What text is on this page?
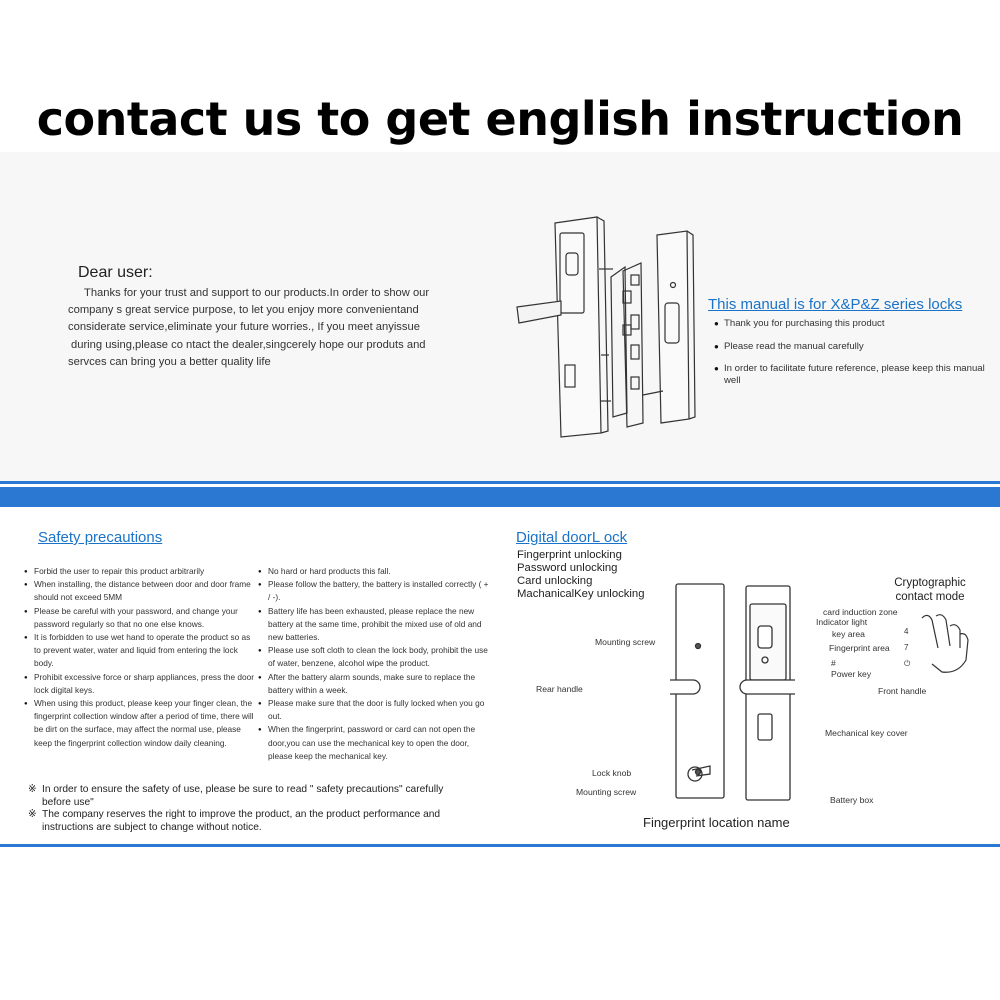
contact us to get english instruction
Dear user:
Thanks for your trust and support to our products.In order to show our
company s great service purpose, to let you enjoy more convenientand
considerate service,eliminate your future worries., If you meet anyissue
during using,please co ntact the dealer,singcerely hope our produts and
servces can bring you a better quality life
This manual is for X&P&Z series locks
● Thank you for purchasing this product
● Please read the manual carefully
● In order to facilitate future reference, please keep this manual well
Safety precautions
● Forbid the user to repair this product arbitrarily
● When installing, the distance between door and door frame should not exceed 5MM
● Please be careful with your password, and change your password regularly so that no one else knows.
● It is forbidden to use wet hand to operate the product so as to prevent water, water and liquid from entering the lock body.
● Prohibit excessive force or sharp appliances, press the door lock digital keys.
● When using this product, please keep your finger clean, the fingerprint collection window after a period of time, there will be dirt on the surface, may affect the normal use, please keep the fingerprint collection window daily cleaning.
● No hard or hard products this fall.
● Please follow the battery, the battery is installed correctly ( + / -).
● Battery life has been exhausted, please replace the new battery at the same time, prohibit the mixed use of old and new batteries.
● Please use soft cloth to clean the lock body, prohibit the use of water, benzene, alcohol wipe the product.
● After the battery alarm sounds, make sure to replace the battery within a week.
● Please make sure that the door is fully locked when you go out.
● When the fingerprint, password or card can not open the door,you can use the mechanical key to open the door, please keep the mechanical key.
※ In order to ensure the safety of use, please be sure to read " safety precautions" carefully before use"
※ The company reserves the right to improve the product, an the product performance and instructions are subject to change without notice.
Digital doorL ock
Fingerprint unlocking
Password unlocking
Card unlocking
MachanicalKey unlocking
Cryptographic
contact mode
4
7
⏻
Mounting screw
Rear handle
Lock knob
Mounting screw
card induction zone
Indicator light
key area
Fingerprint area
#
Power key
Front handle
Mechanical key cover
Battery box
Fingerprint location name
